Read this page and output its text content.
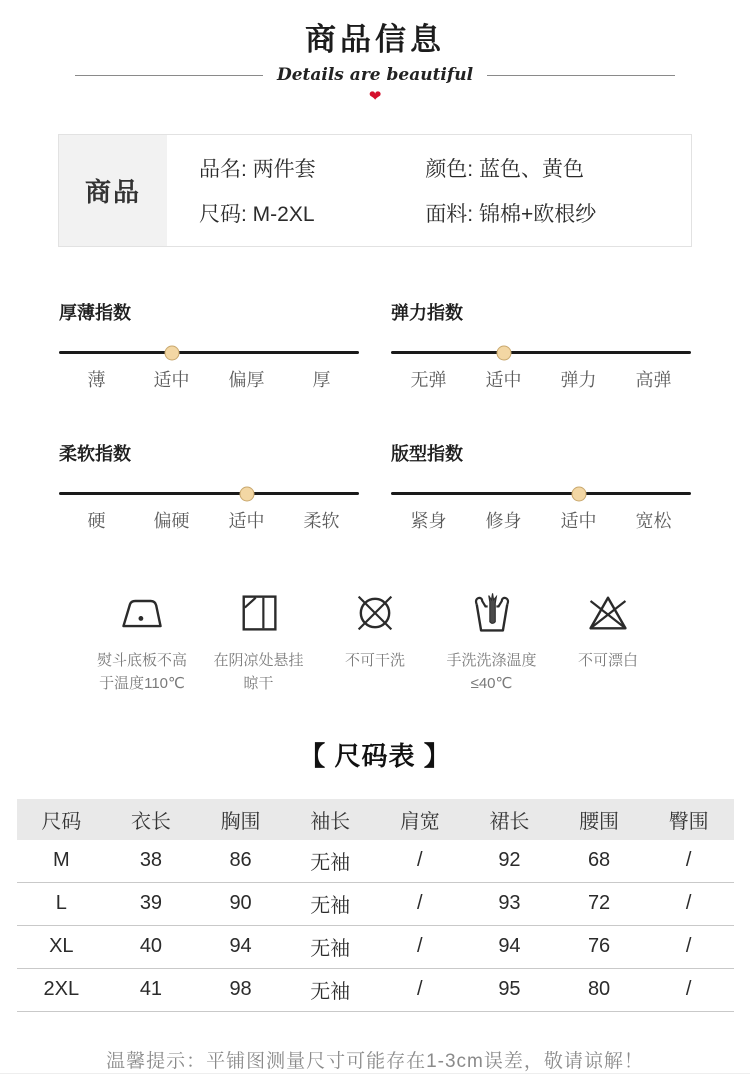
商品信息
Details are beautiful
❤
商品
品名: 两件套
尺码: M-2XL
颜色: 蓝色、黄色
面料: 锦棉+欧根纱
厚薄指数
薄	适中	偏厚	厚
弹力指数
无弹	适中	弹力	高弹
柔软指数
硬	偏硬	适中	柔软
版型指数
紧身	修身	适中	宽松
熨斗底板不高
于温度110℃
在阴凉处悬挂
晾干
不可干洗	手洗洗涤温度
≤40℃
不可漂白
【 尺码表 】
尺码	衣长	胸围	袖长	肩宽	裙长	腰围	臀围
M	38	86	无袖	/	92	68	/
L	39	90	无袖	/	93	72	/
XL	40	94	无袖	/	94	76	/
2XL	41	98	无袖	/	95	80	/
温馨提示：平铺图测量尺寸可能存在1-3cm误差，敬请谅解！
